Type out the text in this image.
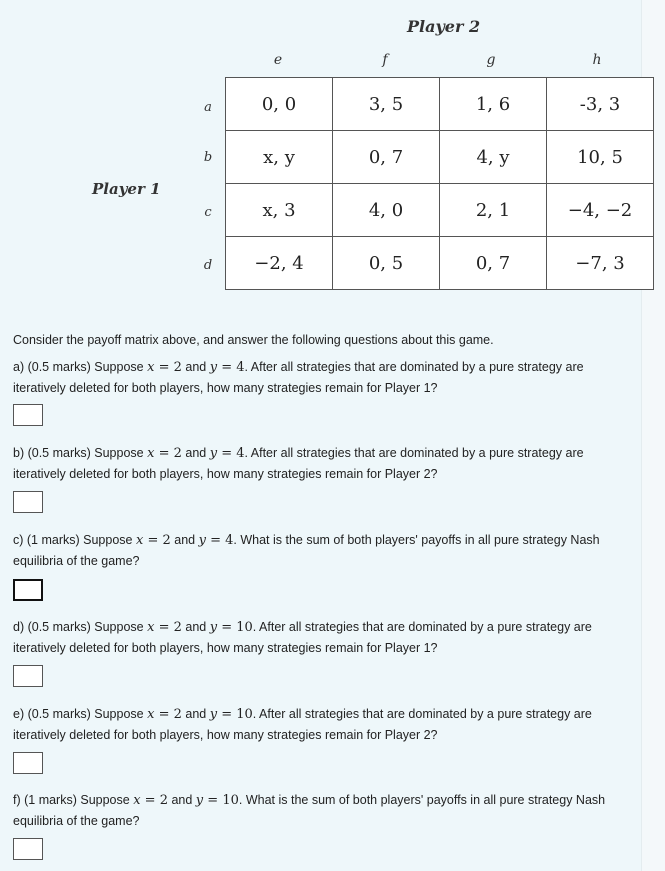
Player 2
Player 1
e	f	g	h
a
b
c
d
0, 0	3, 5	1, 6	-3, 3
x, y	0, 7	4, y	10, 5
x, 3	4, 0	2, 1	−4, −2
−2, 4	0, 5	0, 7	−7, 3
Consider the payoff matrix above, and answer the following questions about this game.
a) (0.5 marks) Suppose x = 2 and y = 4. After all strategies that are dominated by a pure strategy are iteratively deleted for both players, how many strategies remain for Player 1?
b) (0.5 marks) Suppose x = 2 and y = 4. After all strategies that are dominated by a pure strategy are iteratively deleted for both players, how many strategies remain for Player 2?
c) (1 marks) Suppose x = 2 and y = 4. What is the sum of both players' payoffs in all pure strategy Nash equilibria of the game?
d) (0.5 marks) Suppose x = 2 and y = 10. After all strategies that are dominated by a pure strategy are iteratively deleted for both players, how many strategies remain for Player 1?
e) (0.5 marks) Suppose x = 2 and y = 10. After all strategies that are dominated by a pure strategy are iteratively deleted for both players, how many strategies remain for Player 2?
f) (1 marks) Suppose x = 2 and y = 10. What is the sum of both players' payoffs in all pure strategy Nash equilibria of the game?
